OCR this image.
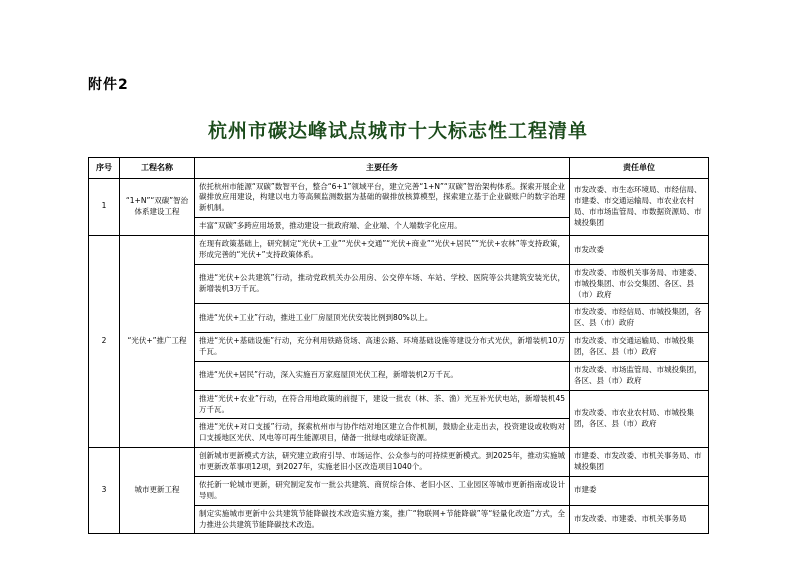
附件2
杭州市碳达峰试点城市十大标志性工程清单
序号	工程名称	主要任务	责任单位
1	“1+N”“双碳”智治体系建设工程	依托杭州市能源“双碳”数智平台，整合“6+1”领域平台，建立完善“1+N”“双碳”智治架构体系。探索开展企业碳排放应用建设，构建以电力等高频监测数据为基础的碳排放核算模型，探索建立基于企业碳账户的数字治理新机制。	市发改委、市生态环境局、市经信局、市建委、市交通运输局、市农业农村局、市市场监管局、市数据资源局、市城投集团
		丰富“双碳”多跨应用场景，推动建设一批政府端、企业端、个人端数字化应用。	
2	“光伏+”推广工程	在现有政策基础上，研究制定“光伏+工业”“光伏+交通”“光伏+商业”“光伏+居民”“光伏+农林”等支持政策，形成完善的“光伏+”支持政策体系。	市发改委
		推进“光伏+公共建筑”行动，推动党政机关办公用房、公交停车场、车站、学校、医院等公共建筑安装光伏，新增装机3万千瓦。	市发改委、市级机关事务局、市建委、市城投集团、市公交集团、各区、县（市）政府
		推进“光伏+工业”行动，推进工业厂房屋顶光伏安装比例到80%以上。	市发改委、市经信局、市城投集团，各区、县（市）政府
		推进“光伏+基础设施”行动，充分利用铁路货场、高速公路、环境基础设施等建设分布式光伏，新增装机10万千瓦。	市发改委、市交通运输局、市城投集团，各区、县（市）政府
		推进“光伏+居民”行动，深入实施百万家庭屋顶光伏工程，新增装机2万千瓦。	市发改委、市场监管局、市城投集团，各区、县（市）政府
		推进“光伏+农业”行动，在符合用地政策的前提下，建设一批农（林、茶、渔）光互补光伏电站，新增装机45万千瓦。	市发改委、市农业农村局、市城投集团，各区、县（市）政府
		推进“光伏+对口支援”行动，探索杭州市与协作结对地区建立合作机制，鼓励企业走出去，投资建设或收购对口支援地区光伏、风电等可再生能源项目，储备一批绿电或绿证资源。	
3	城市更新工程	创新城市更新模式方法，研究建立政府引导、市场运作、公众参与的可持续更新模式。到2025年，推动实施城市更新改革事项12项，到2027年，实施老旧小区改造项目1040个。	市建委、市发改委、市机关事务局、市城投集团
		依托新一轮城市更新，研究制定发布一批公共建筑、商贸综合体、老旧小区、工业园区等城市更新指南或设计导则。	市建委
		制定实施城市更新中公共建筑节能降碳技术改造实施方案，推广“物联网+节能降碳”等“轻量化改造”方式，全力推进公共建筑节能降碳技术改造。	市发改委、市建委、市机关事务局
